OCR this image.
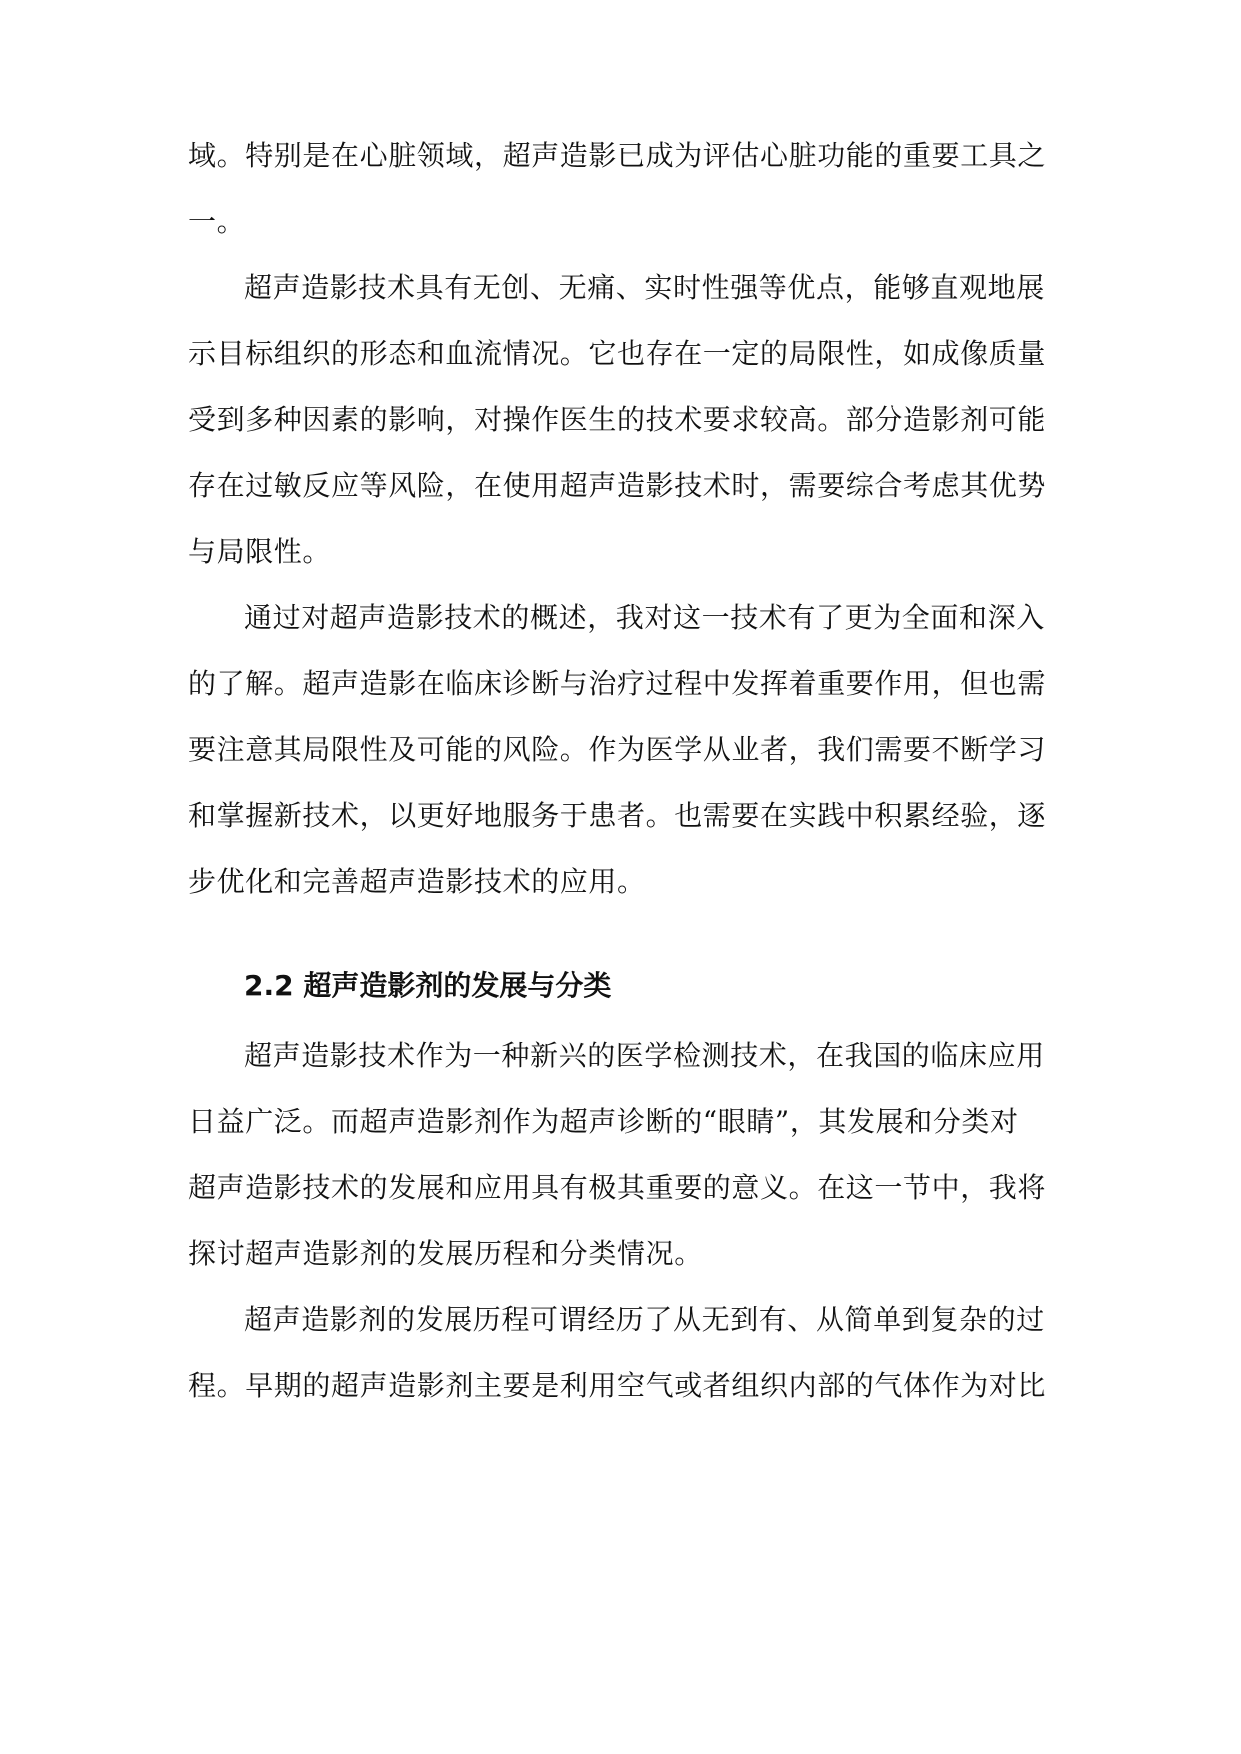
域。特别是在心脏领域，超声造影已成为评估心脏功能的重要工具之
一。
超声造影技术具有无创、无痛、实时性强等优点，能够直观地展
示目标组织的形态和血流情况。它也存在一定的局限性，如成像质量
受到多种因素的影响，对操作医生的技术要求较高。部分造影剂可能
存在过敏反应等风险，在使用超声造影技术时，需要综合考虑其优势
与局限性。
通过对超声造影技术的概述，我对这一技术有了更为全面和深入
的了解。超声造影在临床诊断与治疗过程中发挥着重要作用，但也需
要注意其局限性及可能的风险。作为医学从业者，我们需要不断学习
和掌握新技术，以更好地服务于患者。也需要在实践中积累经验，逐
步优化和完善超声造影技术的应用。
2.2 超声造影剂的发展与分类
超声造影技术作为一种新兴的医学检测技术，在我国的临床应用
日益广泛。而超声造影剂作为超声诊断的“眼睛”，其发展和分类对
超声造影技术的发展和应用具有极其重要的意义。在这一节中，我将
探讨超声造影剂的发展历程和分类情况。
超声造影剂的发展历程可谓经历了从无到有、从简单到复杂的过
程。早期的超声造影剂主要是利用空气或者组织内部的气体作为对比
